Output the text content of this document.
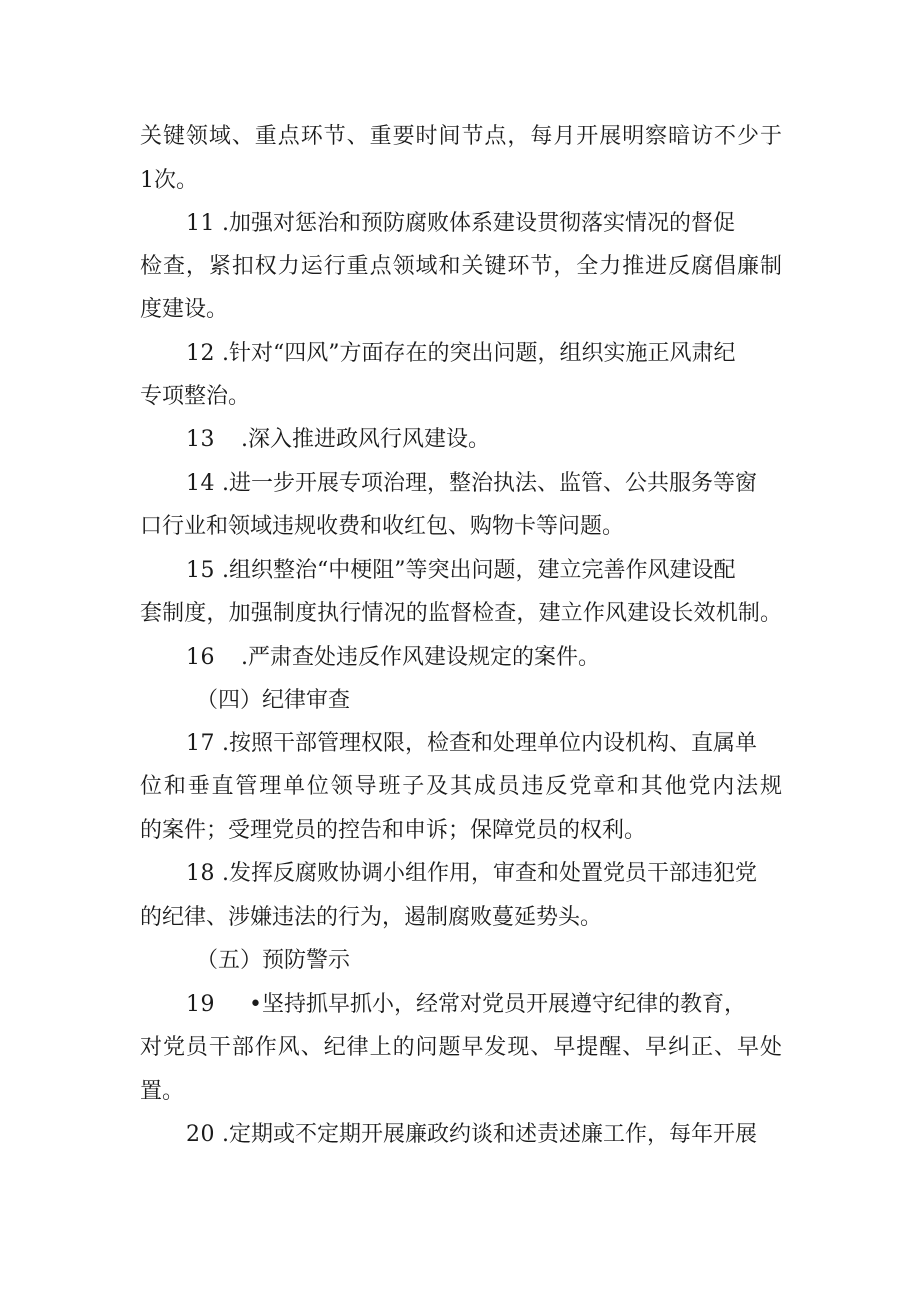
关键领域、重点环节、重要时间节点，每月开展明察暗访不少于
1次。
11 .加强对惩治和预防腐败体系建设贯彻落实情况的督促
检查，紧扣权力运行重点领域和关键环节，全力推进反腐倡廉制
度建设。
12 .针对“四风”方面存在的突出问题，组织实施正风肃纪
专项整治。
13 .深入推进政风行风建设。
14 .进一步开展专项治理，整治执法、监管、公共服务等窗
口行业和领域违规收费和收红包、购物卡等问题。
15 .组织整治“中梗阻”等突出问题，建立完善作风建设配
套制度，加强制度执行情况的监督检查，建立作风建设长效机制。
16 .严肃查处违反作风建设规定的案件。
（四）纪律审查
17 .按照干部管理权限，检查和处理单位内设机构、直属单
位和垂直管理单位领导班子及其成员违反党章和其他党内法规
的案件；受理党员的控告和申诉；保障党员的权利。
18 .发挥反腐败协调小组作用，审查和处置党员干部违犯党
的纪律、涉嫌违法的行为，遏制腐败蔓延势头。
（五）预防警示
19 •坚持抓早抓小，经常对党员开展遵守纪律的教育，
对党员干部作风、纪律上的问题早发现、早提醒、早纠正、早处
置。
20 .定期或不定期开展廉政约谈和述责述廉工作，每年开展
